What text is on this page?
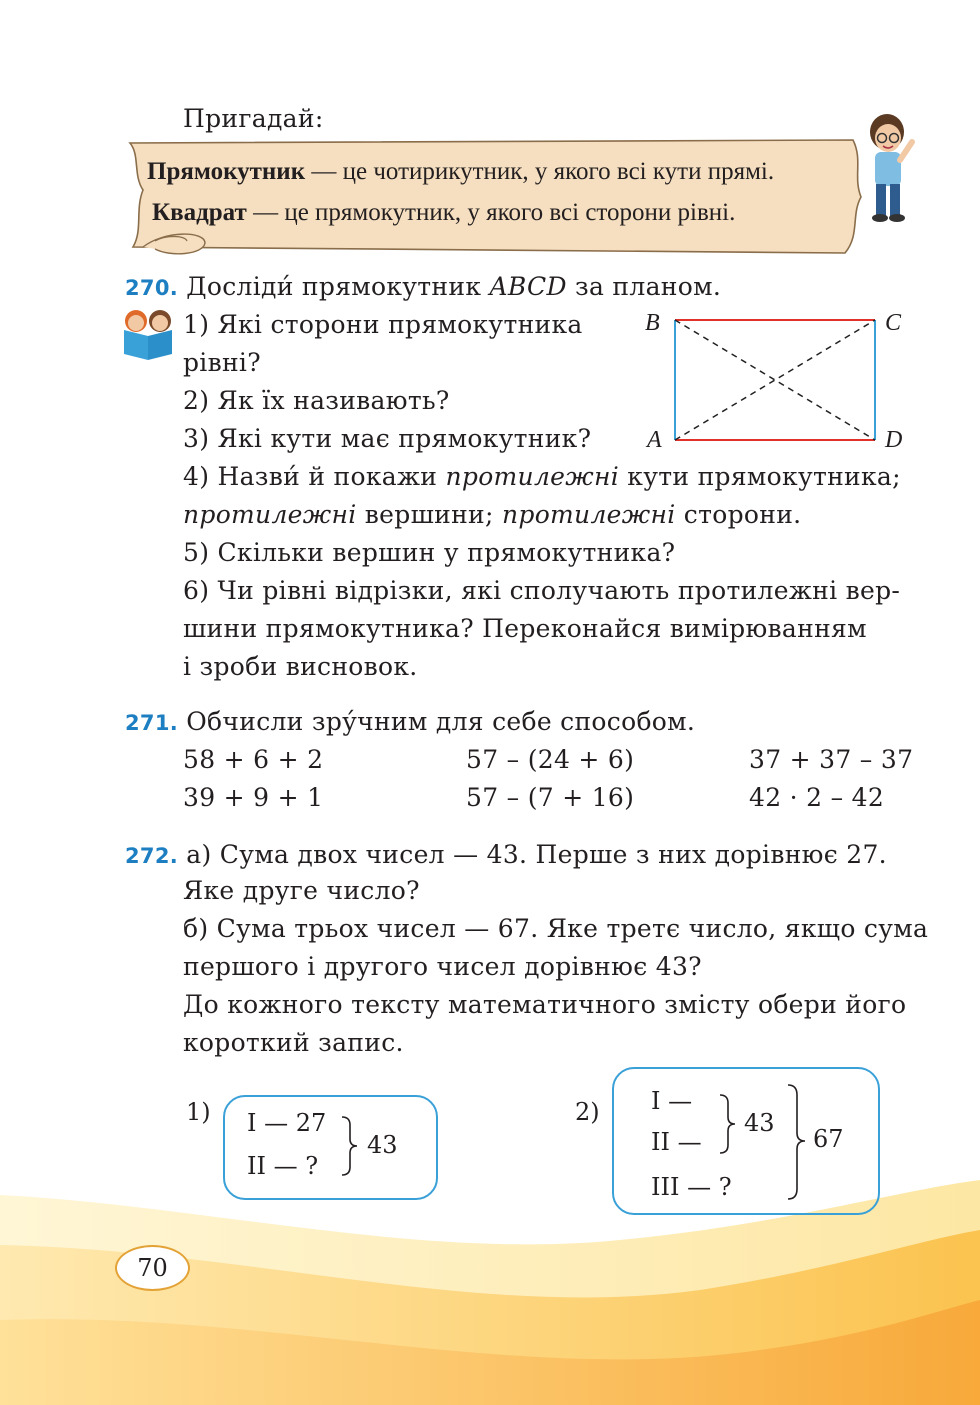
Пригадай:
Прямокутник — це чотирикутник, у якого всі кути прямі.
Квадрат — це прямокутник, у якого всі сторони рівні.
270. Досліди́ прямокутник ABCD за планом.
1) Які сторони прямокутника
рівні?
2) Як їх називають?
3) Які кути має прямокутник?
4) Назви́ й покажи протилежні кути прямокутника;
протилежні вершини; протилежні сторони.
5) Скільки вершин у прямокутника?
6) Чи рівні відрізки, які сполучають протилежні вер-
шини прямокутника? Переконайся вимірюванням
і зроби висновок.
B	C
A	D
271. Обчисли зру́чним для себе способом.
58 + 6 + 2	57 – (24 + 6)	37 + 37 – 37
39 + 9 + 1	57 – (7 + 16)	42 · 2 – 42
272. а) Сума двох чисел — 43. Перше з них дорівнює 27.
Яке друге число?
б) Сума трьох чисел — 67. Яке третє число, якщо сума
першого і другого чисел дорівнює 43?
До кожного тексту математичного змісту обери його
короткий запис.
1) I — 27
II — ?
43
2) I —
II —
III — ?
43
67
70
